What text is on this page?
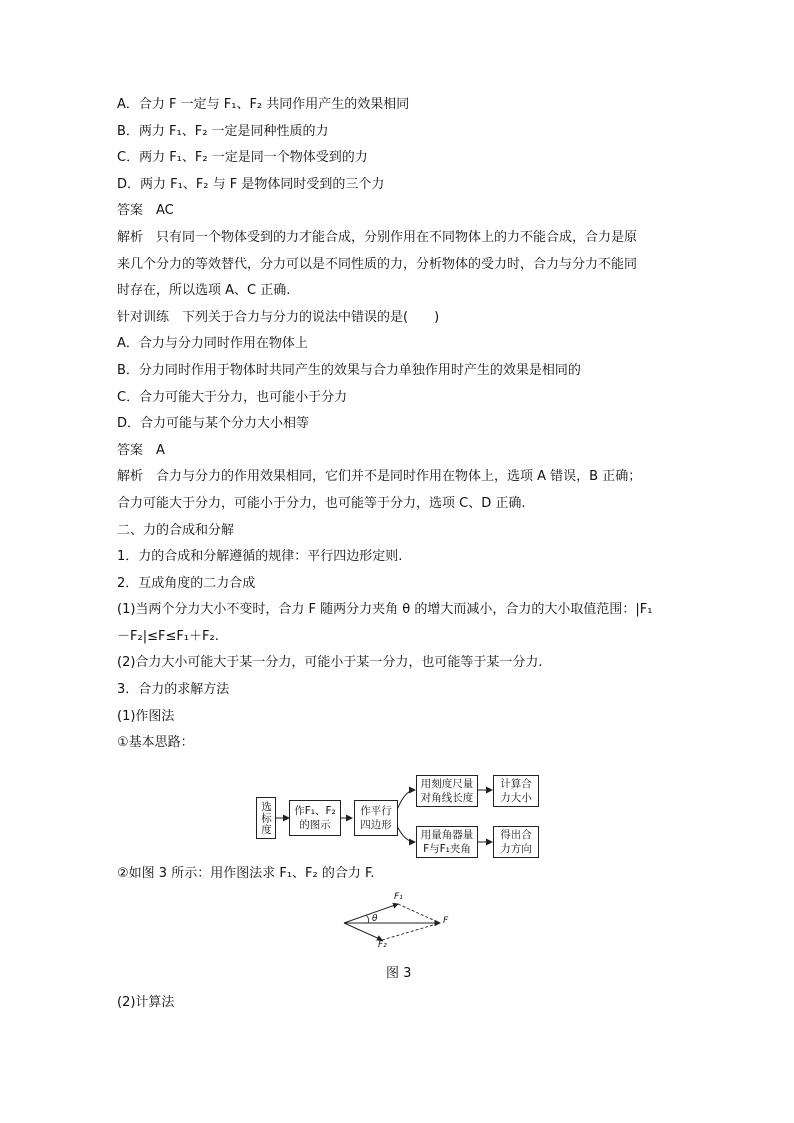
A．合力 F 一定与 F₁、F₂ 共同作用产生的效果相同
B．两力 F₁、F₂ 一定是同种性质的力
C．两力 F₁、F₂ 一定是同一个物体受到的力
D．两力 F₁、F₂ 与 F 是物体同时受到的三个力
答案　AC
解析　只有同一个物体受到的力才能合成，分别作用在不同物体上的力不能合成，合力是原
来几个分力的等效替代，分力可以是不同性质的力，分析物体的受力时，合力与分力不能同
时存在，所以选项 A、C 正确.
针对训练　下列关于合力与分力的说法中错误的是(　　)
A．合力与分力同时作用在物体上
B．分力同时作用于物体时共同产生的效果与合力单独作用时产生的效果是相同的
C．合力可能大于分力，也可能小于分力
D．合力可能与某个分力大小相等
答案　A
解析　合力与分力的作用效果相同，它们并不是同时作用在物体上，选项 A 错误，B 正确；
合力可能大于分力，可能小于分力，也可能等于分力，选项 C、D 正确.
二、力的合成和分解
1．力的合成和分解遵循的规律：平行四边形定则.
2．互成角度的二力合成
(1)当两个分力大小不变时，合力 F 随两分力夹角 θ 的增大而减小，合力的大小取值范围：|F₁
－F₂|≤F≤F₁＋F₂.
(2)合力大小可能大于某一分力，可能小于某一分力，也可能等于某一分力.
3．合力的求解方法
(1)作图法
①基本思路：
选标度 作F₁、F₂
的图示
作平行
四边形
用刻度尺量
对角线长度
计算合
力大小
用量角器量
F与F₁夹角
得出合
力方向
②如图 3 所示：用作图法求 F₁、F₂ 的合力 F.
F₁
θ	F
F₂
图 3
(2)计算法
